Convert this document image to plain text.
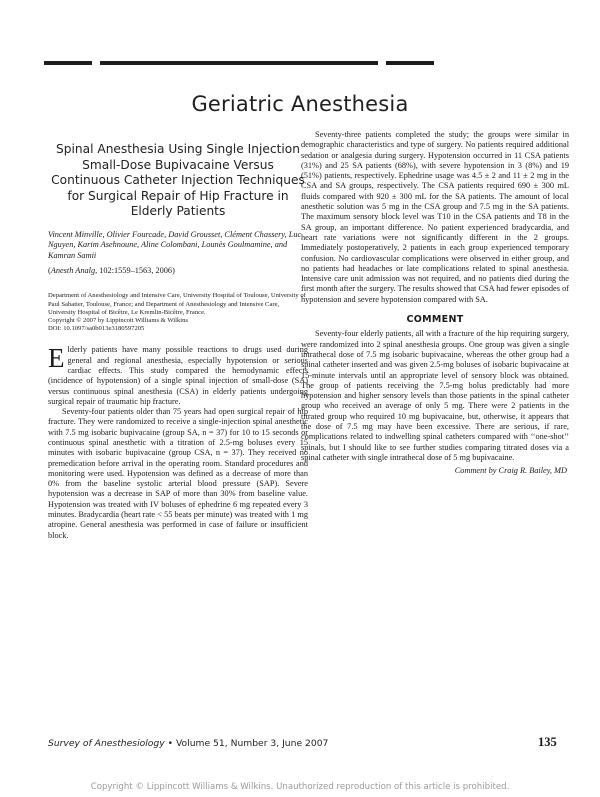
Geriatric Anesthesia
Spinal Anesthesia Using Single Injection Small-Dose Bupivacaine Versus Continuous Catheter Injection Techniques for Surgical Repair of Hip Fracture in Elderly Patients
Vincent Minville, Olivier Fourcade, David Grousset, Clément Chassery, Luc Nguyen, Karim Asehnoune, Aline Colombani, Lounès Goulmamine, and Kamran Samii
(Anesth Analg, 102:1559–1563, 2006)
Department of Anesthesiology and Intensive Care, University Hospital of Toulouse, University of Paul Sabatier, Toulouse, France; and Department of Anesthesiology and Intensive Care, University Hospital of Bicêtre, Le Kremlin-Bicêtre, France.
Copyright © 2007 by Lippincott Williams & Wilkins
DOI: 10.1097/sa0b013e3180597205

Elderly patients have many possible reactions to drugs used during general and regional anesthesia, especially hypotension or serious cardiac effects. This study compared the hemodynamic effects (incidence of hypotension) of a single spinal injection of small-dose (SA) versus continuous spinal anesthesia (CSA) in elderly patients undergoing surgical repair of traumatic hip fracture.

Seventy-four patients older than 75 years had open surgical repair of hip fracture. They were randomized to receive a single-injection spinal anesthetic with 7.5 mg isobaric bupivacaine (group SA, n = 37) for 10 to 15 seconds or continuous spinal anesthetic with a titration of 2.5-mg boluses every 15 minutes with isobaric bupivacaine (group CSA, n = 37). They received no premedication before arrival in the operating room. Standard procedures and monitoring were used. Hypotension was defined as a decrease of more than 0% from the baseline systolic arterial blood pressure (SAP). Severe hypotension was a decrease in SAP of more than 30% from baseline value. Hypotension was treated with IV boluses of ephedrine 6 mg repeated every 3 minutes. Bradycardia (heart rate < 55 beats per minute) was treated with 1 mg atropine. General anesthesia was performed in case of failure or insufficient block.

Seventy-three patients completed the study; the groups were similar in demographic characteristics and type of surgery. No patients required additional sedation or analgesia during surgery. Hypotension occurred in 11 CSA patients (31%) and 25 SA patients (68%), with severe hypotension in 3 (8%) and 19 (51%) patients, respectively. Ephedrine usage was 4.5 ± 2 and 11 ± 2 mg in the CSA and SA groups, respectively. The CSA patients required 690 ± 300 mL fluids compared with 920 ± 300 mL for the SA patients. The amount of local anesthetic solution was 5 mg in the CSA group and 7.5 mg in the SA patients. The maximum sensory block level was T10 in the CSA patients and T8 in the SA group, an important difference. No patient experienced bradycardia, and heart rate variations were not significantly different in the 2 groups. Immediately postoperatively, 2 patients in each group experienced temporary confusion. No cardiovascular complications were observed in either group, and no patients had headaches or late complications related to spinal anesthesia. Intensive care unit admission was not required, and no patients died during the first month after the surgery. The results showed that CSA had fewer episodes of hypotension and severe hypotension compared with SA.

COMMENT

Seventy-four elderly patients, all with a fracture of the hip requiring surgery, were randomized into 2 spinal anesthesia groups. One group was given a single intrathecal dose of 7.5 mg isobaric bupivacaine, whereas the other group had a spinal catheter inserted and was given 2.5-mg boluses of isobaric bupivacaine at 15-minute intervals until an appropriate level of sensory block was obtained. The group of patients receiving the 7.5-mg bolus predictably had more hypotension and higher sensory levels than those patients in the spinal catheter group who received an average of only 5 mg. There were 2 patients in the titrated group who required 10 mg bupivacaine, but, otherwise, it appears that the dose of 7.5 mg may have been excessive. There are serious, if rare, complications related to indwelling spinal catheters compared with ‘‘one-shot’’ spinals, but I should like to see further studies comparing titrated doses via a spinal catheter with single intrathecal dose of 5 mg bupivacaine.

Comment by Craig R. Bailey, MD
Survey of Anesthesiology • Volume 51, Number 3, June 2007	135
Copyright © Lippincott Williams & Wilkins. Unauthorized reproduction of this article is prohibited.
